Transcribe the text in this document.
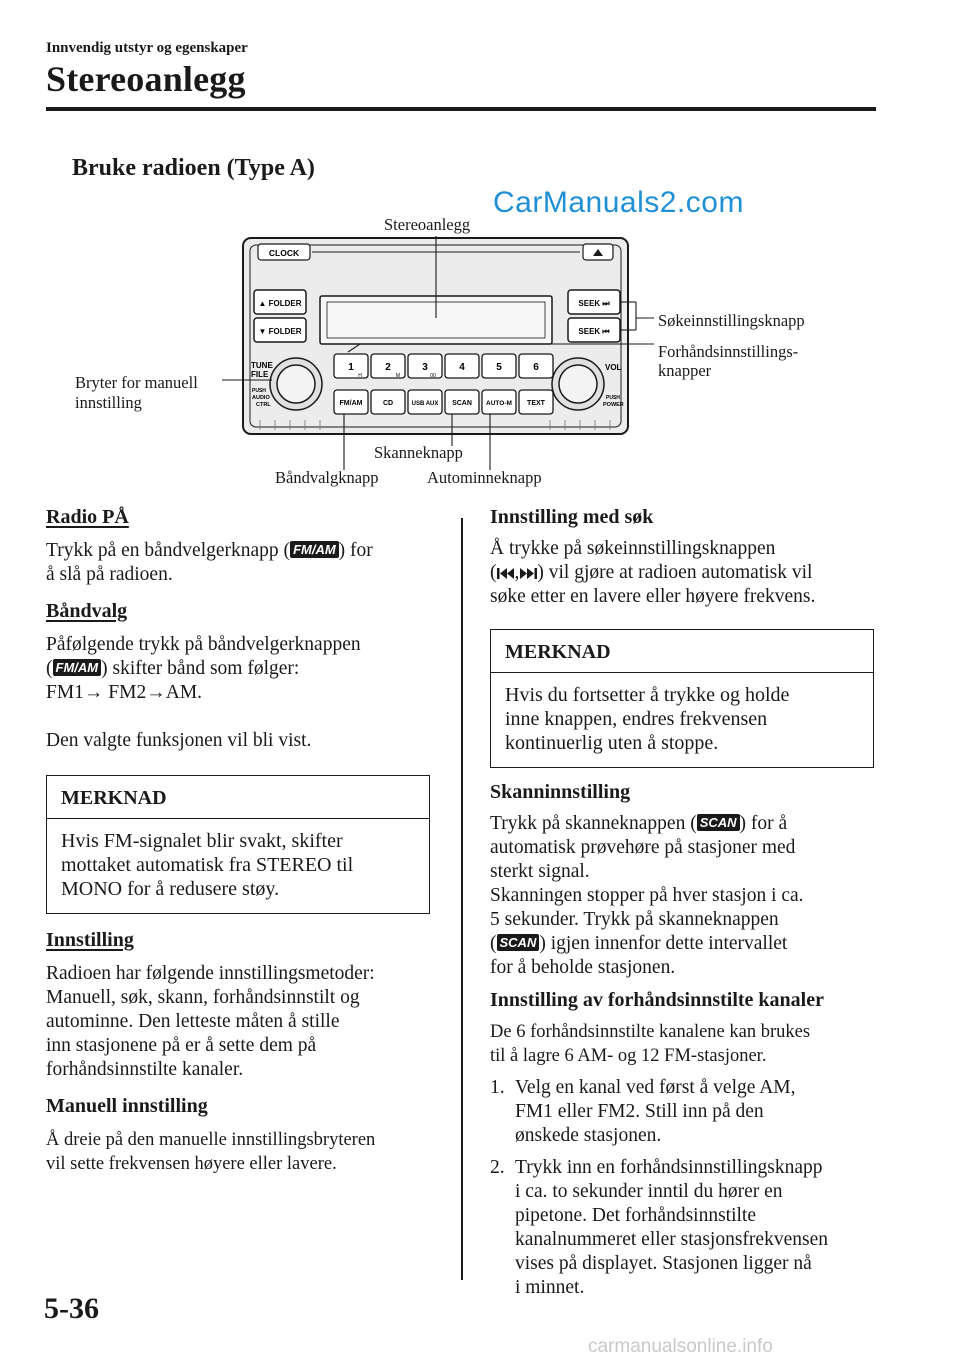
Innvendig utstyr og egenskaper
Stereoanlegg
Bruke radioen (Type A)
CarManuals2.com
CLOCK
▲ FOLDER
▼ FOLDER
SEEK ⏭
SEEK ⏮
TUNE
FILE
PUSH
AUDIO
CTRL
1	2	3	4	5	6
H	M	00
FM/AM	CD	USB AUX SCAN AUTO-M TEXT
VOL
PUSH
POWER
Stereoanlegg
Søkeinnstillingsknapp
Forhåndsinnstillings-
knapper
Bryter for manuell
innstilling
Skanneknapp
Båndvalgknapp	Autominneknapp

Radio PÅ

Trykk på en båndvelgerknapp ( FM/AM ) for
å slå på radioen.

Båndvalg

Påfølgende trykk på båndvelgerknappen
( FM/AM ) skifter bånd som følger:
FM1→ FM2→AM.

Den valgte funksjonen vil bli vist.

MERKNAD
Hvis FM-signalet blir svakt, skifter
mottaket automatisk fra STEREO til
MONO for å redusere støy.

Innstilling

Radioen har følgende innstillingsmetoder:
Manuell, søk, skann, forhåndsinnstilt og
autominne. Den letteste måten å stille
inn stasjonene på er å sette dem på
forhåndsinnstilte kanaler.

Manuell innstilling

Å dreie på den manuelle innstillingsbryteren
vil sette frekvensen høyere eller lavere.

Innstilling med søk

Å trykke på søkeinnstillingsknappen
( , ) vil gjøre at radioen automatisk vil
søke etter en lavere eller høyere frekvens.

MERKNAD
Hvis du fortsetter å trykke og holde
inne knappen, endres frekvensen
kontinuerlig uten å stoppe.

Skanninnstilling

Trykk på skanneknappen ( SCAN ) for å
automatisk prøvehøre på stasjoner med
sterkt signal.
Skanningen stopper på hver stasjon i ca.
5 sekunder. Trykk på skanneknappen
( SCAN ) igjen innenfor dette intervallet
for å beholde stasjonen.

Innstilling av forhåndsinnstilte kanaler

De 6 forhåndsinnstilte kanalene kan brukes
til å lagre 6 AM- og 12 FM-stasjoner.

1. Velg en kanal ved først å velge AM,
FM1 eller FM2. Still inn på den
ønskede stasjonen.
2. Trykk inn en forhåndsinnstillingsknapp
i ca. to sekunder inntil du hører en
pipetone. Det forhåndsinnstilte
kanalnummeret eller stasjonsfrekvensen
vises på displayet. Stasjonen ligger nå
i minnet.
5-36
carmanualsonline.info
